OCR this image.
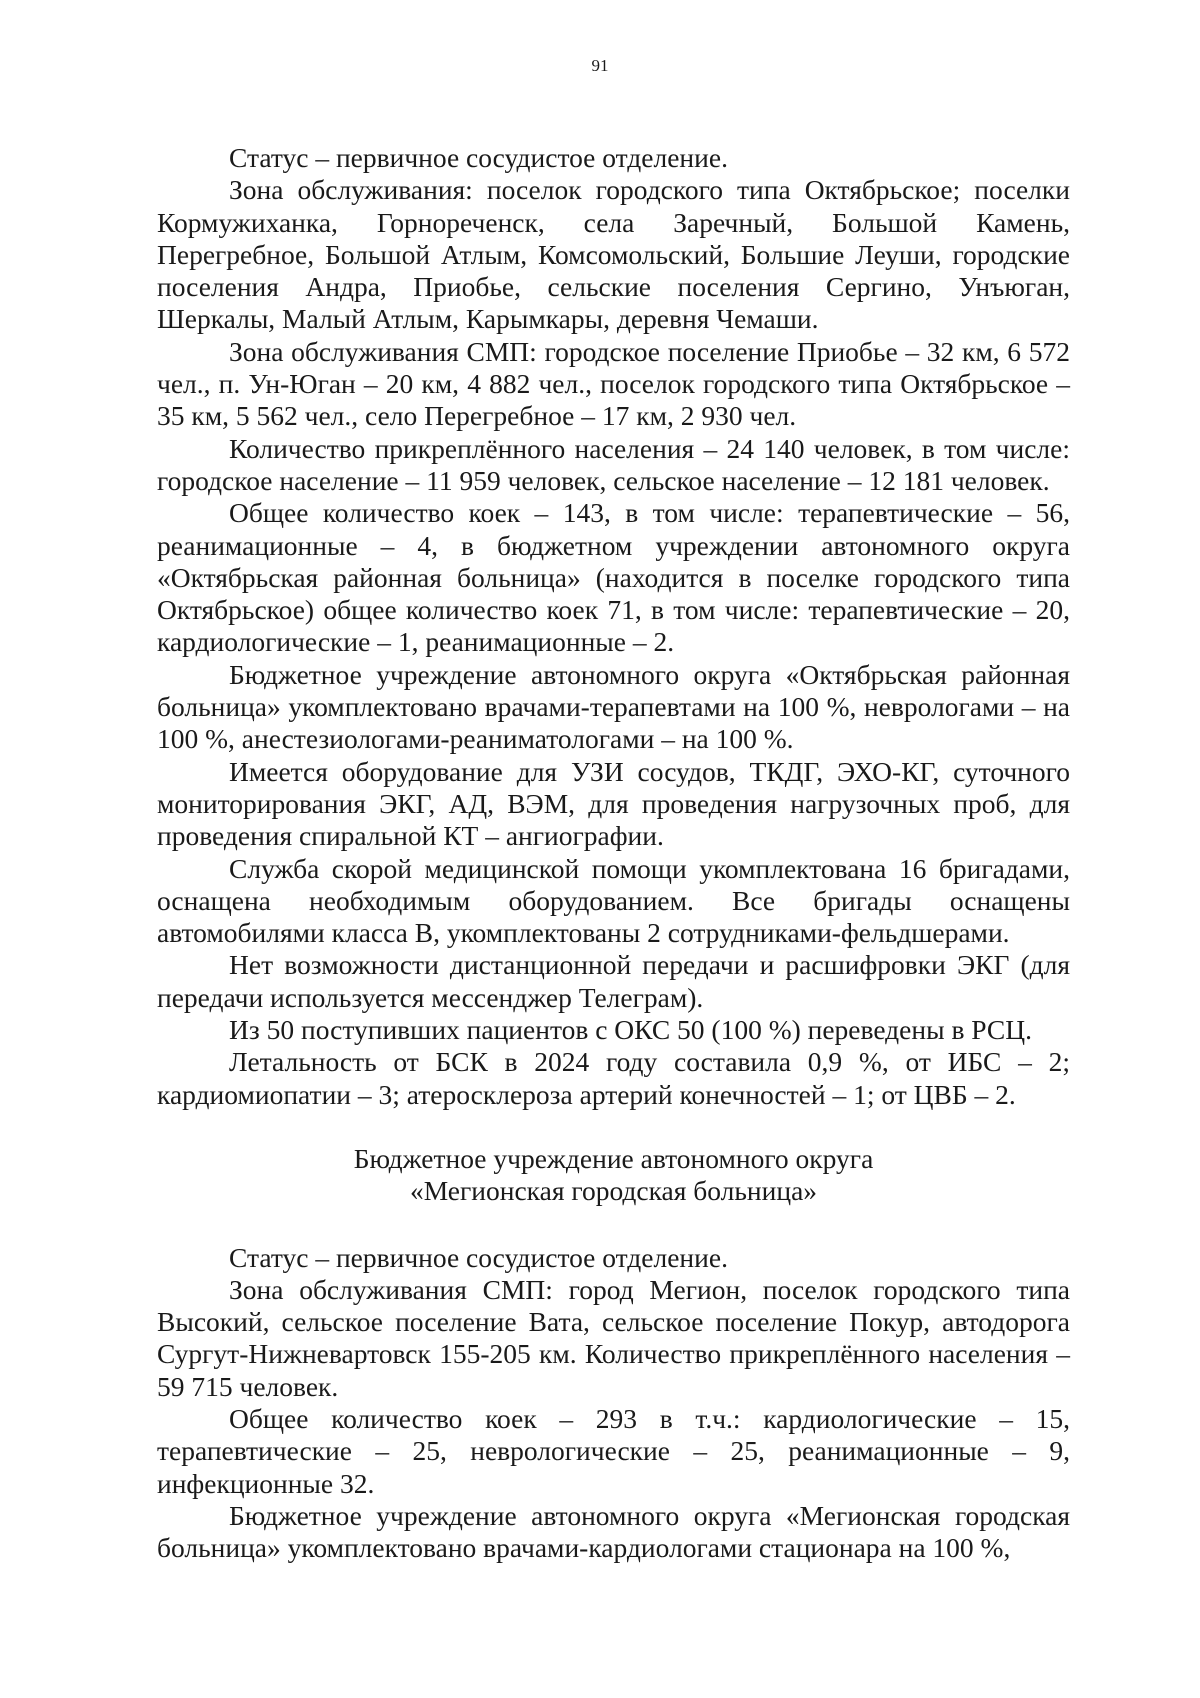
91

Статус – первичное сосудистое отделение.

Зона обслуживания: поселок городского типа Октябрьское; поселки Кормужиханка, Горнореченск, села Заречный, Большой Камень, Перегребное, Большой Атлым, Комсомольский, Большие Леуши, городские поселения Андра, Приобье, сельские поселения Сергино, Унъюган, Шеркалы, Малый Атлым, Карымкары, деревня Чемаши.

Зона обслуживания СМП: городское поселение Приобье – 32 км, 6 572 чел., п. Ун-Юган – 20 км, 4 882 чел., поселок городского типа Октябрьское – 35 км, 5 562 чел., село Перегребное – 17 км, 2 930 чел.

Количество прикреплённого населения – 24 140 человек, в том числе: городское население – 11 959 человек, сельское население – 12 181 человек.

Общее количество коек – 143, в том числе: терапевтические – 56, реанимационные – 4, в бюджетном учреждении автономного округа «Октябрьская районная больница» (находится в поселке городского типа Октябрьское) общее количество коек 71, в том числе: терапевтические – 20, кардиологические – 1, реанимационные – 2.

Бюджетное учреждение автономного округа «Октябрьская районная больница» укомплектовано врачами-терапевтами на 100 %, неврологами – на 100 %, анестезиологами-реаниматологами – на 100 %.

Имеется оборудование для УЗИ сосудов, ТКДГ, ЭХО-КГ, суточного мониторирования ЭКГ, АД, ВЭМ, для проведения нагрузочных проб, для проведения спиральной КТ – ангиографии.

Служба скорой медицинской помощи укомплектована 16 бригадами, оснащена необходимым оборудованием. Все бригады оснащены автомобилями класса В, укомплектованы 2 сотрудниками-фельдшерами.

Нет возможности дистанционной передачи и расшифровки ЭКГ (для передачи используется мессенджер Телеграм).

Из 50 поступивших пациентов с ОКС 50 (100 %) переведены в РСЦ.

Летальность от БСК в 2024 году составила 0,9 %, от ИБС – 2; кардиомиопатии – 3; атеросклероза артерий конечностей – 1; от ЦВБ – 2.

Бюджетное учреждение автономного округа

«Мегионская городская больница»

Статус – первичное сосудистое отделение.

Зона обслуживания СМП: город Мегион, поселок городского типа Высокий, сельское поселение Вата, сельское поселение Покур, автодорога Сургут-Нижневартовск 155-205 км. Количество прикреплённого населения – 59 715 человек.

Общее количество коек – 293 в т.ч.: кардиологические – 15, терапевтические – 25, неврологические – 25, реанимационные – 9, инфекционные 32.

Бюджетное учреждение автономного округа «Мегионская городская больница» укомплектовано врачами-кардиологами стационара на 100 %,
